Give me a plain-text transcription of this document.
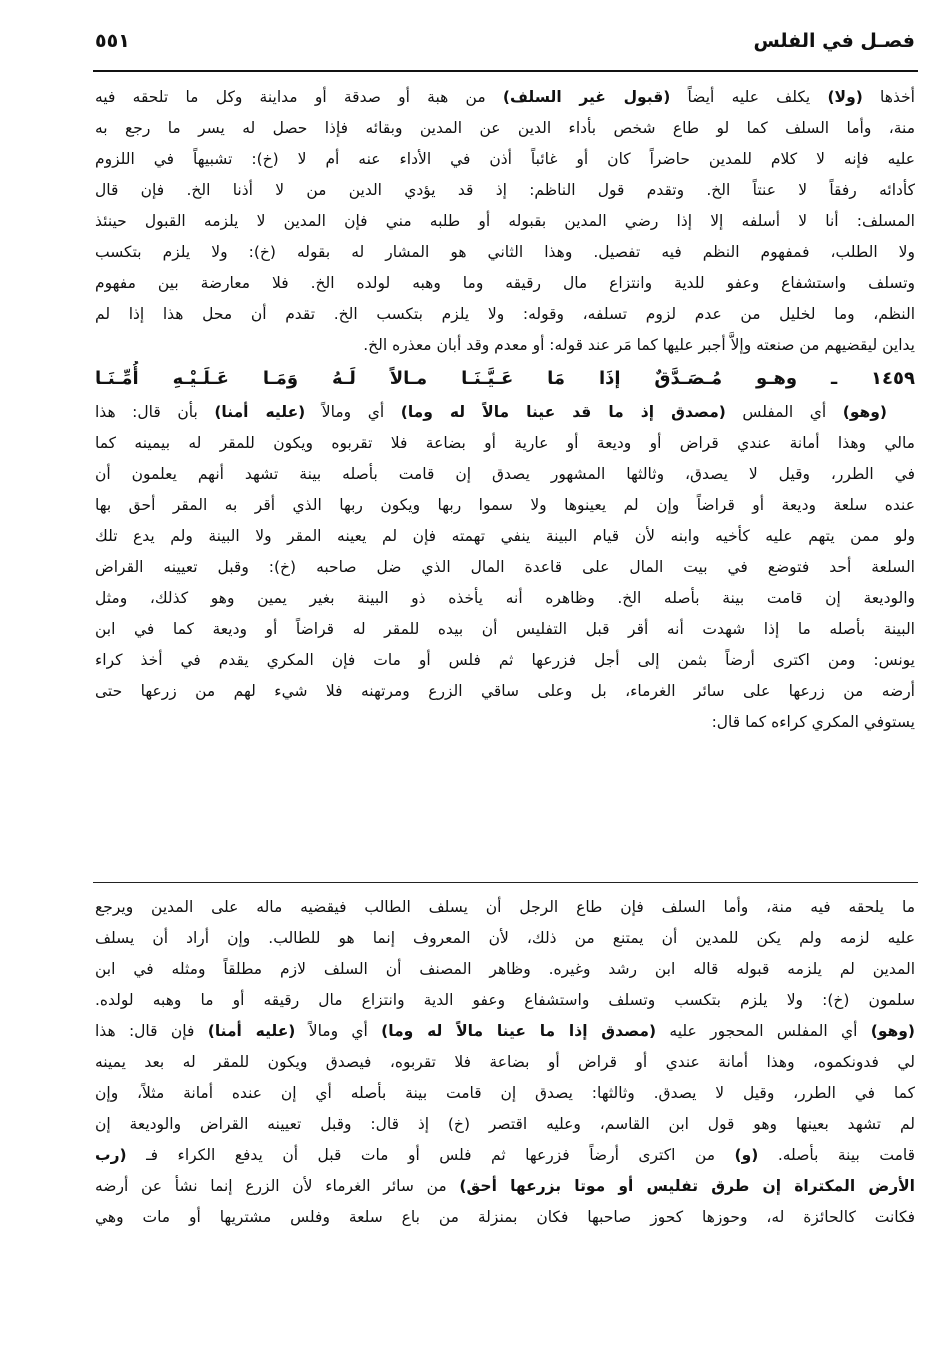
فصـل في الفلس
٥٥١
أخذها (ولا) يكلف عليه أيضاً (قبول غير السلف) من هبة أو صدقة أو مداينة وكل ما تلحقه فيه
منة، وأما السلف كما لو طاع شخص بأداء الدين عن المدين وبقائه فإذا حصل له يسر ما رجع به
عليه فإنه لا كلام للمدين حاضراً كان أو غائباً أذن في الأداء عنه أم لا (خ): تشبيهاً في اللزوم
كأدائه رفقاً لا عنتاً الخ. وتقدم قول الناظم: إذ قد يؤدي الدين من لا أذنا الخ. فإن قال
المسلف: أنا لا أسلفه إلا إذا رضي المدين بقبوله أو طلبه مني فإن المدين لا يلزمه القبول حينئذ
ولا الطلب، فمفهوم النظم فيه تفصيل. وهذا الثاني هو المشار له بقوله (خ): ولا يلزم بتكسب
وتسلف واستشفاع وعفو للدية وانتزاع مال رقيقه وما وهبه لولده الخ. فلا معارضة بين مفهوم
النظم، وما لخليل من عدم لزوم تسلفه، وقوله: ولا يلزم بتكسب الخ. تقدم أن محل هذا إذا لم
يداين ليقضيهم من صنعته وإلاَّ أجبر عليها كما مَر عند قوله: أو معدم وقد أبان معذره الخ.
١٤٥٩ ـ وهـو مُـصَـدَّقٌ إذَا مَا عَـيَّـنَـا مـالاً لَـهُ وَمَـا عَـلَـيْـهِ أُمِّـنَـا
(وهو) أي المفلس (مصدق إذ ما قد عينا مالاً له وما) أي ومالاً (عليه أمنا) بأن قال: هذا
مالي وهذا أمانة عندي قراض أو وديعة أو عارية أو بضاعة فلا تقربوه ويكون للمقر له بيمينه كما
في الطرر، وقيل لا يصدق، وثالثها المشهور يصدق إن قامت بأصله بينة تشهد أنهم يعلمون أن
عنده سلعة وديعة أو قراضاً وإن لم يعينوها ولا سموا ربها ويكون ربها الذي أقر به المقر أحق بها
ولو ممن يتهم عليه كأخيه وابنه لأن قيام البينة ينفي تهمته فإن لم يعينه المقر ولا البينة ولم يدع تلك
السلعة أحد فتوضع في بيت المال على قاعدة المال الذي ضل صاحبه (خ): وقبل تعيينه القراض
والوديعة إن قامت بينة بأصله الخ. وظاهره أنه يأخذه ذو البينة بغير يمين وهو كذلك، ومثل
البينة بأصله ما إذا شهدت أنه أقر قبل التفليس أن بيده للمقر له قراضاً أو وديعة كما في ابن
يونس: ومن اكترى أرضاً بثمن إلى أجل فزرعها ثم فلس أو مات فإن المكري يقدم في أخذ كراء
أرضه من زرعها على سائر الغرماء، بل وعلى ساقي الزرع ومرتهنه فلا شيء لهم من زرعها حتى
يستوفي المكري كراءه كما قال:
ما يلحقه فيه منة، وأما السلف فإن طاع الرجل أن يسلف الطالب فيقضيه ماله على المدين ويرجع
عليه لزمه ولم يكن للمدين أن يمتنع من ذلك، لأن المعروف إنما هو للطالب. وإن أراد أن يسلف
المدين لم يلزمه قبوله قاله ابن رشد وغيره. وظاهر المصنف أن السلف لازم مطلقاً ومثله في ابن
سلمون (خ): ولا يلزم بتكسب وتسلف واستشفاع وعفو الدية وانتزاع مال رقيقه أو ما وهبه لولده.
(وهو) أي المفلس المحجور عليه (مصدق إذا ما عينا مالاً له وما) أي ومالاً (عليه أمنا) فإن قال: هذا
لي فدونكموه، وهذا أمانة عندي أو قراض أو بضاعة فلا تقربوه، فيصدق ويكون للمقر له بعد يمينه
كما في الطرر، وقيل لا يصدق. وثالثها: يصدق إن قامت بينة بأصله أي إن عنده أمانة مثلاً، وإن
لم تشهد بعينها وهو قول ابن القاسم، وعليه اقتصر (خ) إذ قال: وقبل تعيينه القراض والوديعة إن
قامت بينة بأصله. (و) من اكترى أرضاً فزرعها ثم فلس أو مات قبل أن يدفع الكراء فـ (رب
الأرض المكتراة إن طرق تفليس أو موتا بزرعها أحق) من سائر الغرماء لأن الزرع إنما نشأ عن أرضه
فكانت كالحائزة له، وحوزها كحوز صاحبها فكان بمنزلة من باع سلعة وفلس مشتريها أو مات وهي
